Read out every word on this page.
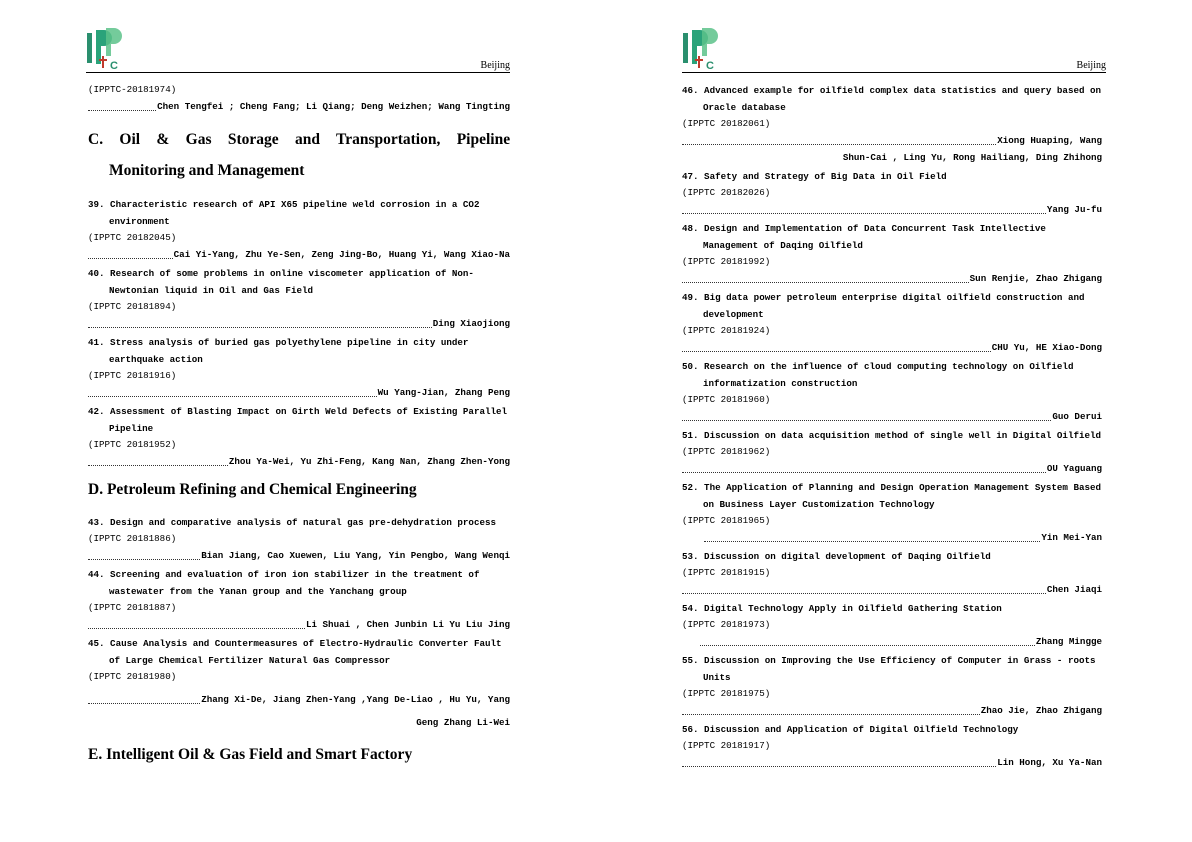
C	Beijing
(IPPTC-20181974)
Chen Tengfei ; Cheng Fang; Li Qiang; Deng Weizhen; Wang Tingting
C. Oil & Gas Storage and Transportation, Pipeline
Monitoring and Management
39. Characteristic research of API X65 pipeline weld corrosion in a CO2 environment
(IPPTC 20182045)
Cai Yi-Yang, Zhu Ye-Sen, Zeng Jing-Bo, Huang Yi, Wang Xiao-Na
40. Research of some problems in online viscometer application of Non-Newtonian liquid in Oil and Gas Field
(IPPTC 20181894)
Ding Xiaojiong
41. Stress analysis of buried gas polyethylene pipeline in city under earthquake action
(IPPTC 20181916)
Wu Yang-Jian, Zhang Peng
42. Assessment of Blasting Impact on Girth Weld Defects of Existing Parallel Pipeline
(IPPTC 20181952)
Zhou Ya-Wei, Yu Zhi-Feng, Kang Nan, Zhang Zhen-Yong
D. Petroleum Refining and Chemical Engineering
43. Design and comparative analysis of natural gas pre-dehydration process
(IPPTC 20181886)
Bian Jiang, Cao Xuewen, Liu Yang, Yin Pengbo, Wang Wenqi
44. Screening and evaluation of iron ion stabilizer in the treatment of wastewater from the Yanan group and the Yanchang group
(IPPTC 20181887)
Li Shuai , Chen Junbin Li Yu Liu Jing
45. Cause Analysis and Countermeasures of Electro-Hydraulic Converter Fault of Large Chemical Fertilizer Natural Gas Compressor
(IPPTC 20181980)
Zhang Xi-De, Jiang Zhen-Yang ,Yang De-Liao , Hu Yu, Yang
Geng Zhang Li-Wei
E. Intelligent Oil & Gas Field and Smart Factory
C	Beijing
46. Advanced example for oilfield complex data statistics and query based on Oracle database
(IPPTC 20182061)
Xiong Huaping, Wang
Shun-Cai , Ling Yu, Rong Hailiang, Ding Zhihong
47. Safety and Strategy of Big Data in Oil Field
(IPPTC 20182026)
Yang Ju-fu
48. Design and Implementation of Data Concurrent Task Intellective Management of Daqing Oilfield
(IPPTC 20181992)
Sun Renjie, Zhao Zhigang
49. Big data power petroleum enterprise digital oilfield construction and development
(IPPTC 20181924)
CHU Yu, HE Xiao-Dong
50. Research on the influence of cloud computing technology on Oilfield informatization construction
(IPPTC 20181960)
Guo Derui
51. Discussion on data acquisition method of single well in Digital Oilfield
(IPPTC 20181962)
OU Yaguang
52. The Application of Planning and Design Operation Management System Based on Business Layer Customization Technology
(IPPTC 20181965)
Yin Mei-Yan
53. Discussion on digital development of Daqing Oilfield
(IPPTC 20181915)
Chen Jiaqi
54. Digital Technology Apply in Oilfield Gathering Station
(IPPTC 20181973)
Zhang Mingge
55. Discussion on Improving the Use Efficiency of Computer in Grass - roots Units
(IPPTC 20181975)
Zhao Jie, Zhao Zhigang
56. Discussion and Application of Digital Oilfield Technology
(IPPTC 20181917)
Lin Hong, Xu Ya-Nan
